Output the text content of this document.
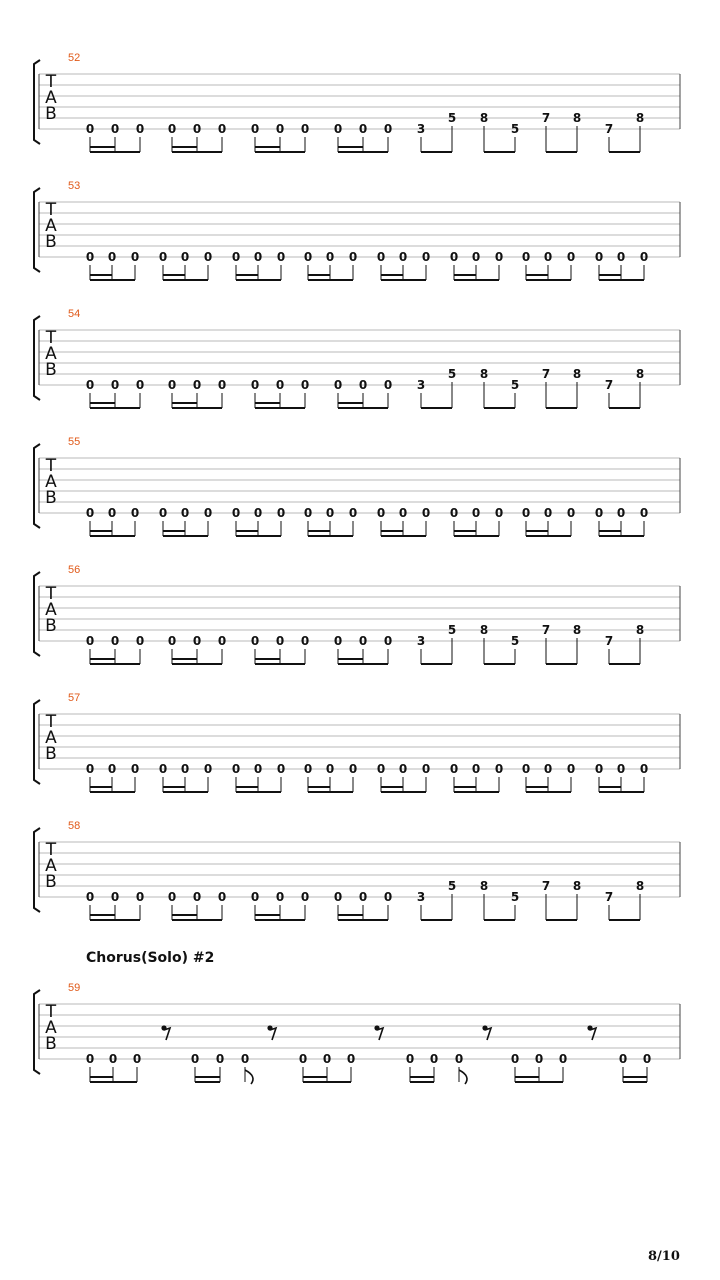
52
T
A
B
0 0 0 0 0 0 0 0 0 0 0 0 3
5 8
5
7 8
7
8
53
T
A
B
0 0 0 0 0 0 0 0 0 0 0 0 0 0 0 0 0 0 0 0 0 0 0 0
54
T
A
B
0 0 0 0 0 0 0 0 0 0 0 0 3
5 8
5
7 8
7
8
55
T
A
B
0 0 0 0 0 0 0 0 0 0 0 0 0 0 0 0 0 0 0 0 0 0 0 0
56
T
A
B
0 0 0 0 0 0 0 0 0 0 0 0 3
5 8
5
7 8
7
8
57
T
A
B
0 0 0 0 0 0 0 0 0 0 0 0 0 0 0 0 0 0 0 0 0 0 0 0
58
T
A
B
0 0 0 0 0 0 0 0 0 0 0 0 3
5 8
5
7 8
7
8
59
T
A
B
0 0 0	0 0 0	0 0 0	0 0 0	0 0 0	0 0
Chorus(Solo) #2
8/10
